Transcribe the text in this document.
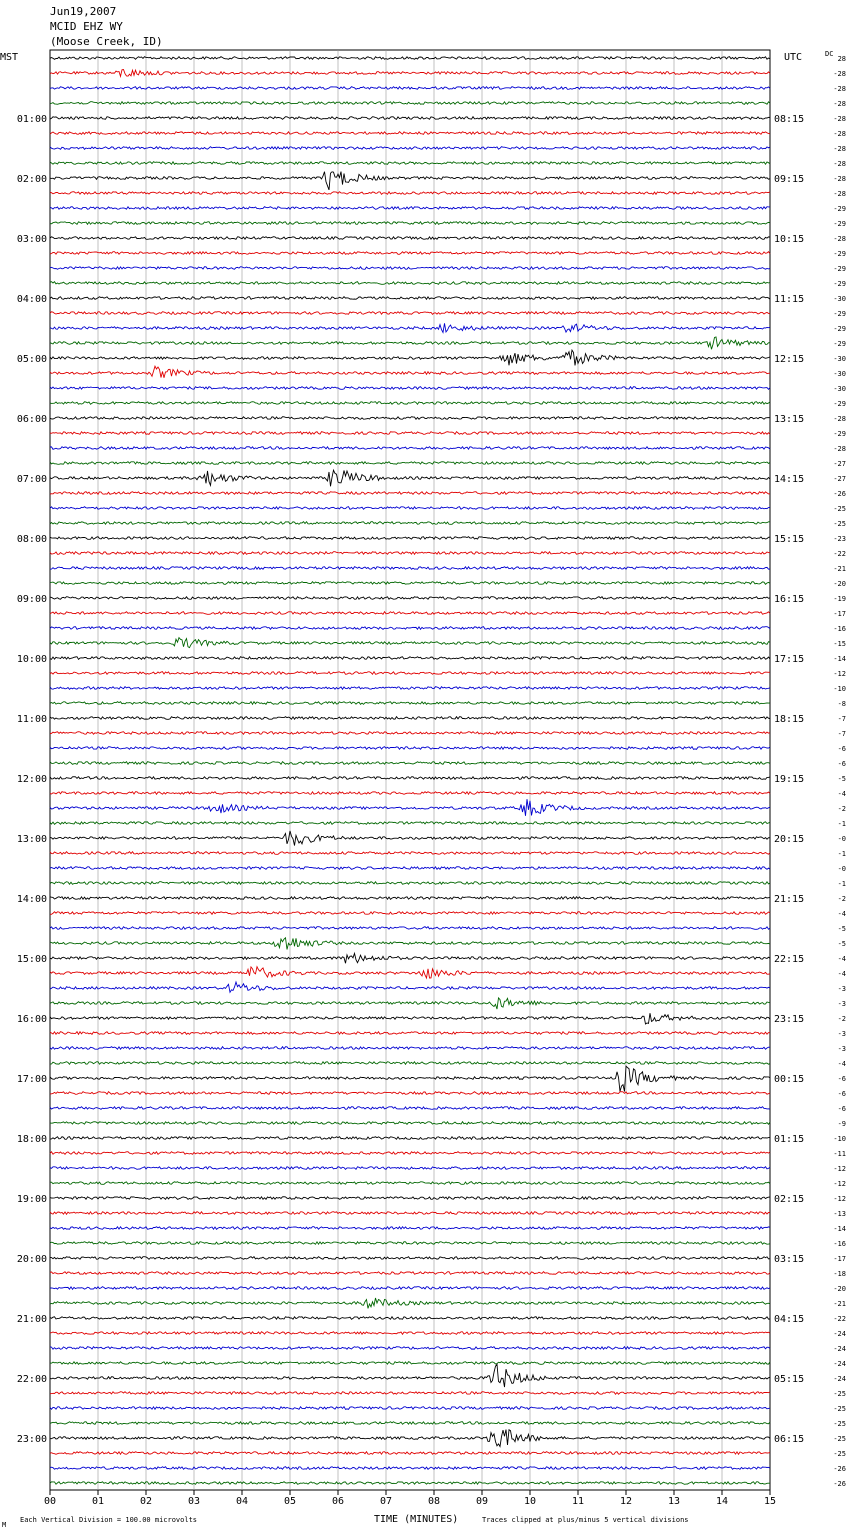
Jun19,2007
MCID EHZ WY
(Moose Creek, ID)
00	01	02	03	04	05	06	07	08	09	10	11	12	13	14	15
28
-28
-28
-28
-28
-28
-28
-28
-28
-28
-29
-29
-28
-29
-29
-29
-30
-29
-29
-29
-30
-30
-30
-29
-28
-29
-28
-27
-27
-26
-25
-25
-23
-22
-21
-20
-19
-17
-16
-15
-14
-12
-10
-8
-7
-7
-6
-6
-5
-4
-2
-1
-0
-1
-0
-1
-2
-4
-5
-5
-4
-4
-3
-3
-2
-3
-3
-4
-6
-6
-6
-9
-10
-11
-12
-12
-12
-13
-14
-16
-17
-18
-20
-21
-22
-24
-24
-24
-24
-25
-25
-25
-25
-25
-26
-26
01:00
02:00
03:00
04:00
05:00
06:00
07:00
08:00
09:00
10:00
11:00
12:00
13:00
14:00
15:00
16:00
17:00
18:00
19:00
20:00
21:00
22:00
23:00
08:15
09:15
10:15
11:15
12:15
13:15
14:15
15:15
16:15
17:15
18:15
19:15
20:15
21:15
22:15
23:15
00:15
01:15
02:15
03:15
04:15
05:15
06:15
MST	UTC	DC
M
Each Vertical Division = 100.00 microvolts	TIME (MINUTES)	Traces clipped at plus/minus 5 vertical divisions
